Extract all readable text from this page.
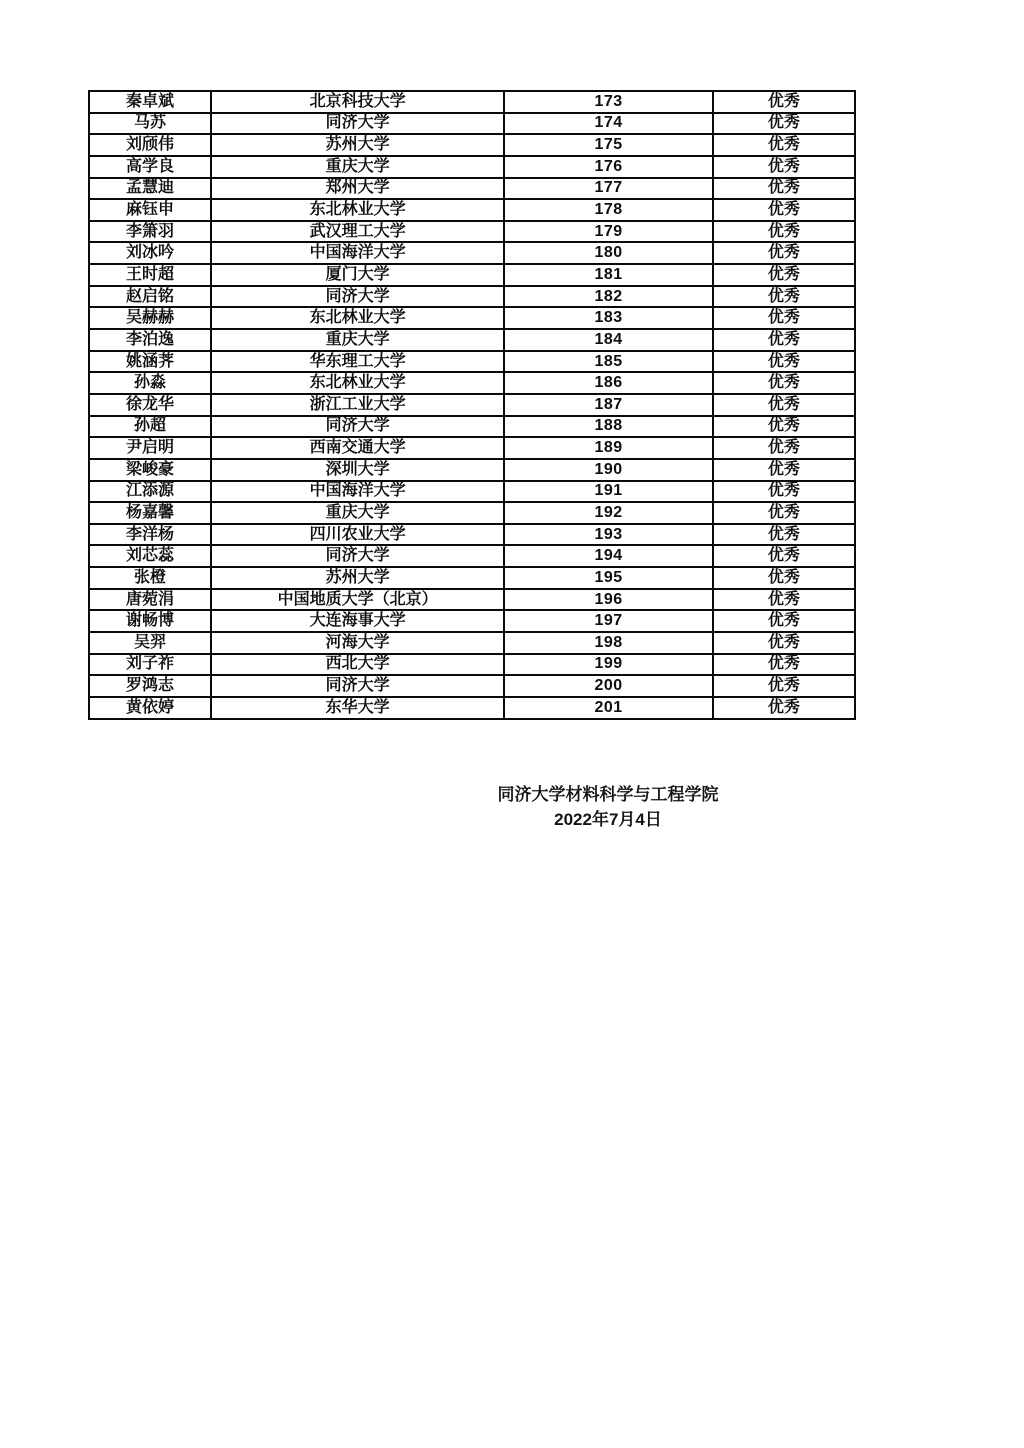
秦卓斌	北京科技大学	173	优秀
马苏	同济大学	174	优秀
刘颀伟	苏州大学	175	优秀
高学良	重庆大学	176	优秀
孟慧迪	郑州大学	177	优秀
麻钰申	东北林业大学	178	优秀
李箫羽	武汉理工大学	179	优秀
刘冰吟	中国海洋大学	180	优秀
王时超	厦门大学	181	优秀
赵启铭	同济大学	182	优秀
吴赫赫	东北林业大学	183	优秀
李泊逸	重庆大学	184	优秀
姚涵荠	华东理工大学	185	优秀
孙淼	东北林业大学	186	优秀
徐龙华	浙江工业大学	187	优秀
孙超	同济大学	188	优秀
尹启明	西南交通大学	189	优秀
梁峻豪	深圳大学	190	优秀
江添源	中国海洋大学	191	优秀
杨嘉馨	重庆大学	192	优秀
李洋杨	四川农业大学	193	优秀
刘芯蕊	同济大学	194	优秀
张橙	苏州大学	195	优秀
唐菀涓	中国地质大学（北京）	196	优秀
谢畅博	大连海事大学	197	优秀
吴羿	河海大学	198	优秀
刘子祚	西北大学	199	优秀
罗鸿志	同济大学	200	优秀
黄依婷	东华大学	201	优秀
同济大学材料科学与工程学院
2022年7月4日
